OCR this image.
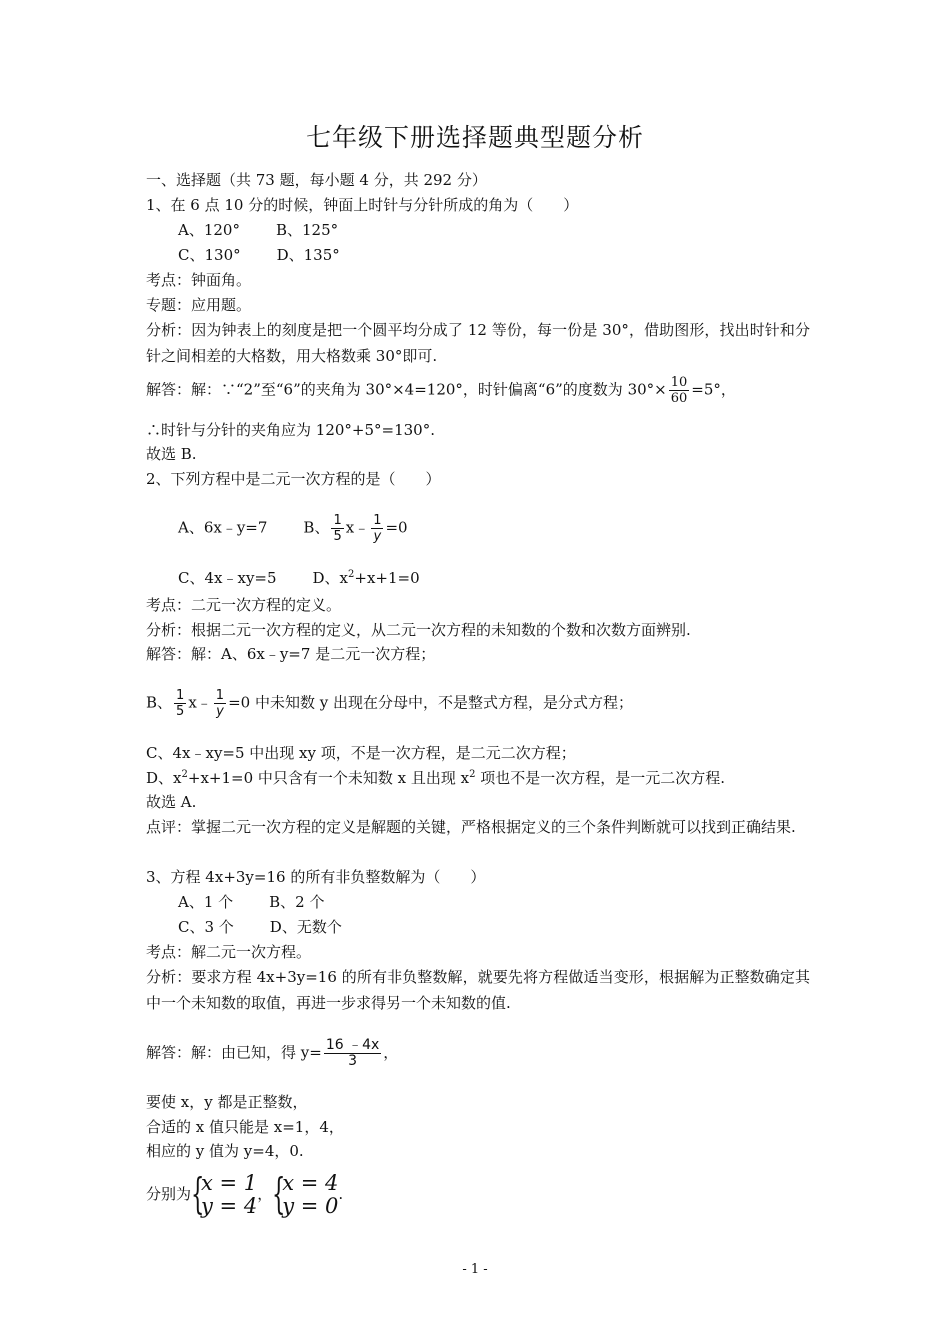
七年级下册选择题典型题分析
一、选择题（共 73 题，每小题 4 分，共 292 分）
1、在 6 点 10 分的时候，钟面上时针与分针所成的角为（　　）
A、120° B、125°
C、130° D、135°
考点：钟面角。
专题：应用题。
分析：因为钟表上的刻度是把一个圆平均分成了 12 等份，每一份是 30°，借助图形，找出时针和分针之间相差的大格数，用大格数乘 30°即可.
解答：解：∵“2”至“6”的夹角为 30°×4=120°，时针偏离“6”的度数为 $30^\circ\times \frac{10}{60} =5^\circ$，
∴时针与分针的夹角应为 120°+5°=130°.
故选 B.
2、下列方程中是二元一次方程的是（　　）
A、6x﹣y=7 B、 $\frac{1}{5}$ x﹣ $\frac{1}{y} =0$
C、4x﹣xy=5 D、$x^2+x+1=0$
考点：二元一次方程的定义。
分析：根据二元一次方程的定义，从二元一次方程的未知数的个数和次数方面辨别.
解答：解：A、6x﹣y=7 是二元一次方程；
B、 $\frac{1}{5}$ x﹣ $\frac{1}{y} =0$ 中未知数 y 出现在分母中，不是整式方程，是分式方程；
C、4x﹣xy=5 中出现 xy 项，不是一次方程，是二元二次方程；
D、$x^2+x+1=0$ 中只含有一个未知数 x 且出现 $x^2$ 项也不是一次方程，是一元二次方程.
故选 A.
点评：掌握二元一次方程的定义是解题的关键，严格根据定义的三个条件判断就可以找到正确结果.
3、方程 4x+3y=16 的所有非负整数解为（　　）
A、1 个 B、2 个
C、3 个 D、无数个
考点：解二元一次方程。
分析：要求方程 4x+3y=16 的所有非负整数解，就要先将方程做适当变形，根据解为正整数确定其中一个未知数的取值，再进一步求得另一个未知数的值.
解答：解：由已知，得 $y= \frac{16 ﹣4x}{3}$ ，
要使 x，y 都是正整数，
合适的 x 值只能是 x=1，4，
相应的 y 值为 y=4，0.
分别为 {
x = 1
y = 4 ， {
x = 4
y = 0 .
- 1 -
